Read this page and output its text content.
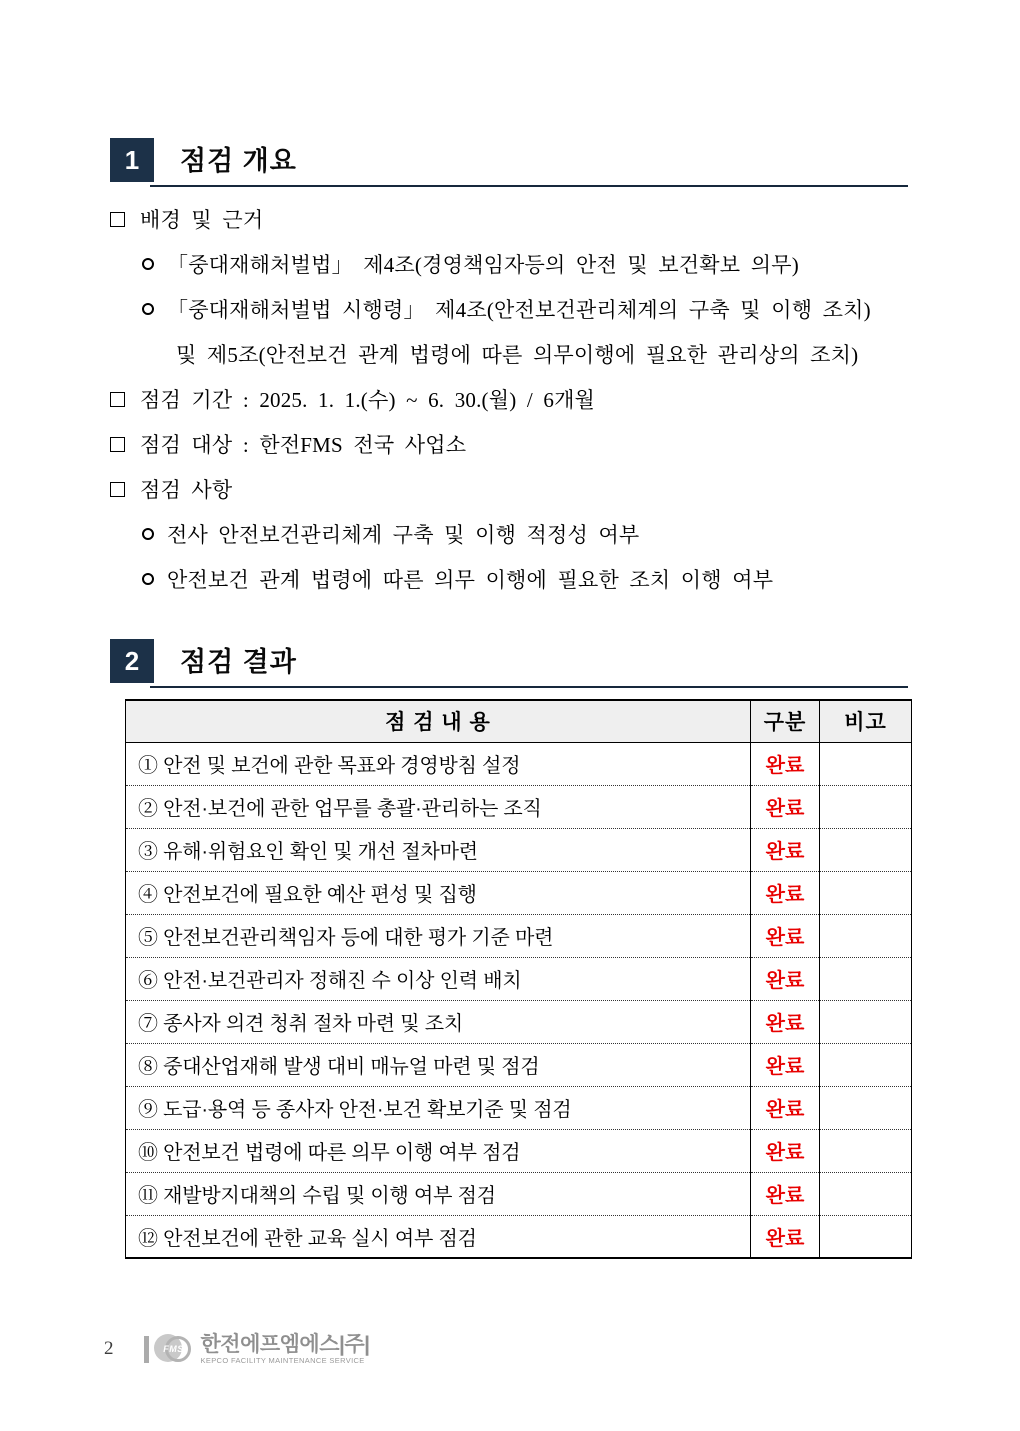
1	점검 개요
배경 및 근거
「중대재해처벌법」 제4조(경영책임자등의 안전 및 보건확보 의무)
「중대재해처벌법 시행령」 제4조(안전보건관리체계의 구축 및 이행 조치)
및 제5조(안전보건 관계 법령에 따른 의무이행에 필요한 관리상의 조치)
점검 기간 : 2025. 1. 1.(수) ~ 6. 30.(월) / 6개월
점검 대상 : 한전FMS 전국 사업소
점검 사항
전사 안전보건관리체계 구축 및 이행 적정성 여부
안전보건 관계 법령에 따른 의무 이행에 필요한 조치 이행 여부
2	점검 결과
점 검 내 용	구분	비고
① 안전 및 보건에 관한 목표와 경영방침 설정	완료	
② 안전·보건에 관한 업무를 총괄·관리하는 조직	완료	
③ 유해·위험요인 확인 및 개선 절차마련	완료	
④ 안전보건에 필요한 예산 편성 및 집행	완료	
⑤ 안전보건관리책임자 등에 대한 평가 기준 마련	완료	
⑥ 안전·보건관리자 정해진 수 이상 인력 배치	완료	
⑦ 종사자 의견 청취 절차 마련 및 조치	완료	
⑧ 중대산업재해 발생 대비 매뉴얼 마련 및 점검	완료	
⑨ 도급·용역 등 종사자 안전·보건 확보기준 및 점검	완료	
⑩ 안전보건 법령에 따른 의무 이행 여부 점검	완료	
⑪ 재발방지대책의 수립 및 이행 여부 점검	완료	
⑫ 안전보건에 관한 교육 실시 여부 점검	완료	
2	FMS 한전에프엠에스|주|
KEPCO FACILITY MAINTENANCE SERVICE
